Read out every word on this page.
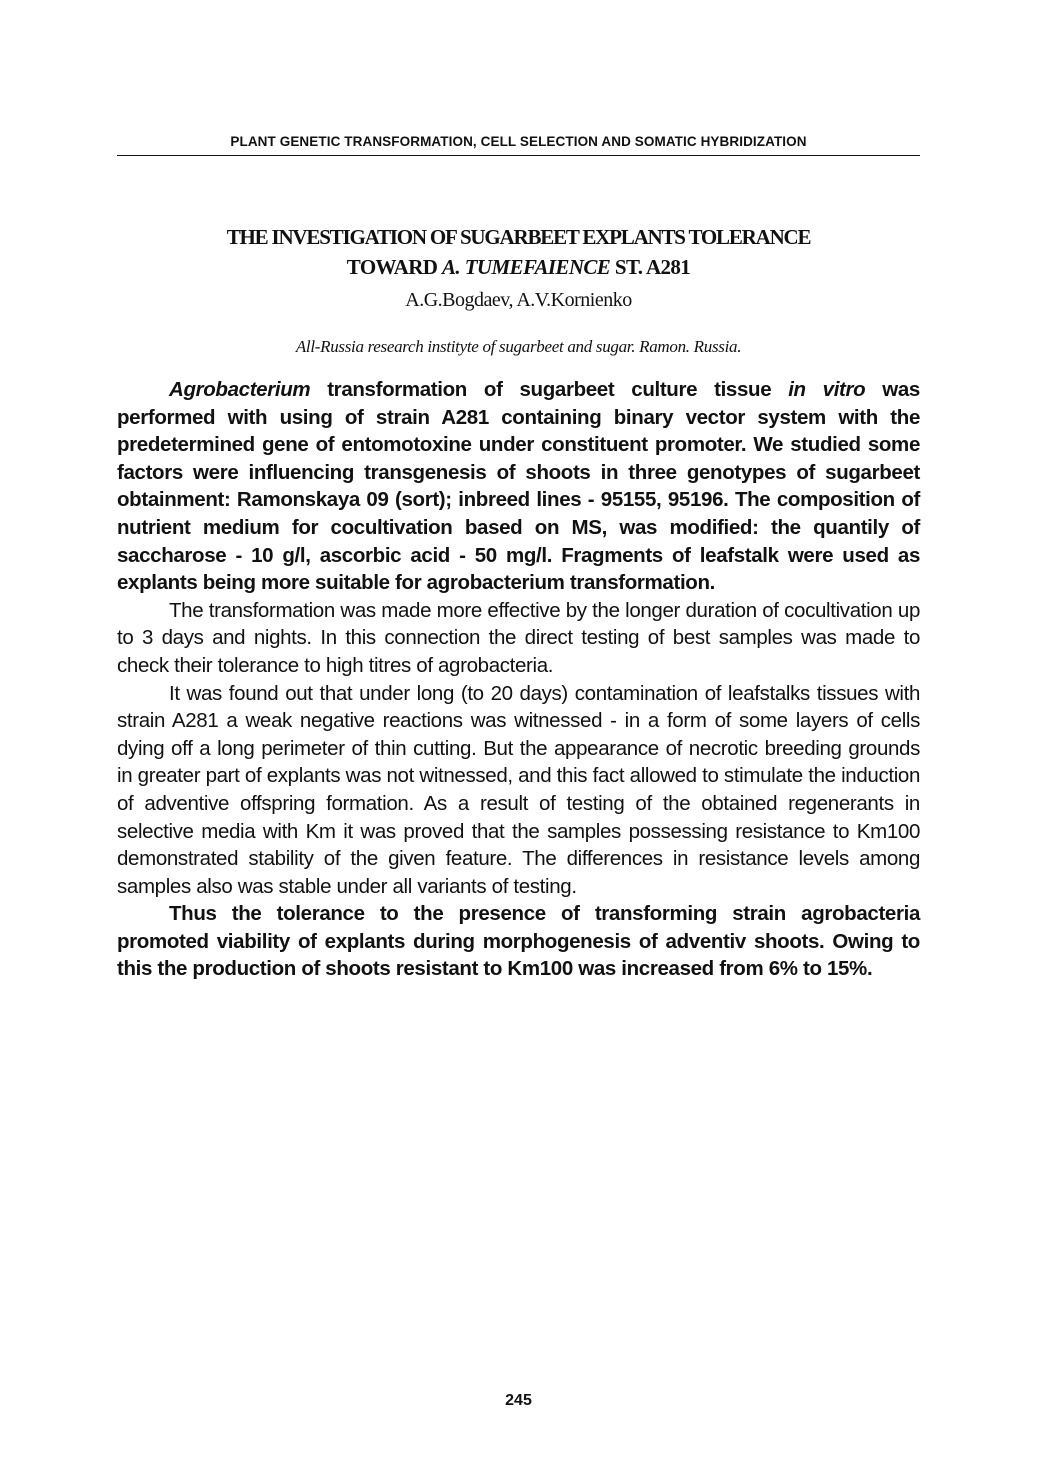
PLANT GENETIC TRANSFORMATION, CELL SELECTION AND SOMATIC HYBRIDIZATION
THE INVESTIGATION OF SUGARBEET EXPLANTS TOLERANCE
TOWARD A. TUMEFAIENCE ST. A281
A.G.Bogdaev, A.V.Kornienko
All-Russia research instityte of sugarbeet and sugar. Ramon. Russia.

Agrobacterium transformation of sugarbeet culture tissue in vitro was performed with using of strain A281 containing binary vector system with the predetermined gene of entomotoxine under constituent promoter. We studied some factors were influencing transgenesis of shoots in three genotypes of sugarbeet obtainment: Ramonskaya 09 (sort); inbreed lines - 95155, 95196. The composition of nutrient medium for cocultivation based on MS, was modified: the quantily of saccharose - 10 g/l, ascorbic acid - 50 mg/l. Fragments of leafstalk were used as explants being more suitable for agrobacterium transformation.

The transformation was made more effective by the longer duration of cocultivation up to 3 days and nights. In this connection the direct testing of best samples was made to check their tolerance to high titres of agrobacteria.

It was found out that under long (to 20 days) contamination of leafstalks tissues with strain A281 a weak negative reactions was witnessed - in a form of some layers of cells dying off a long perimeter of thin cutting. But the appearance of necrotic breeding grounds in greater part of explants was not witnessed, and this fact allowed to stimulate the induction of adventive offspring formation. As a result of testing of the obtained regenerants in selective media with Km it was proved that the samples possessing resistance to Km100 demonstrated stability of the given feature. The differences in resistance levels among samples also was stable under all variants of testing.

Thus the tolerance to the presence of transforming strain agrobacteria promoted viability of explants during morphogenesis of adventiv shoots. Owing to this the production of shoots resistant to Km100 was increased from 6% to 15%.

245
